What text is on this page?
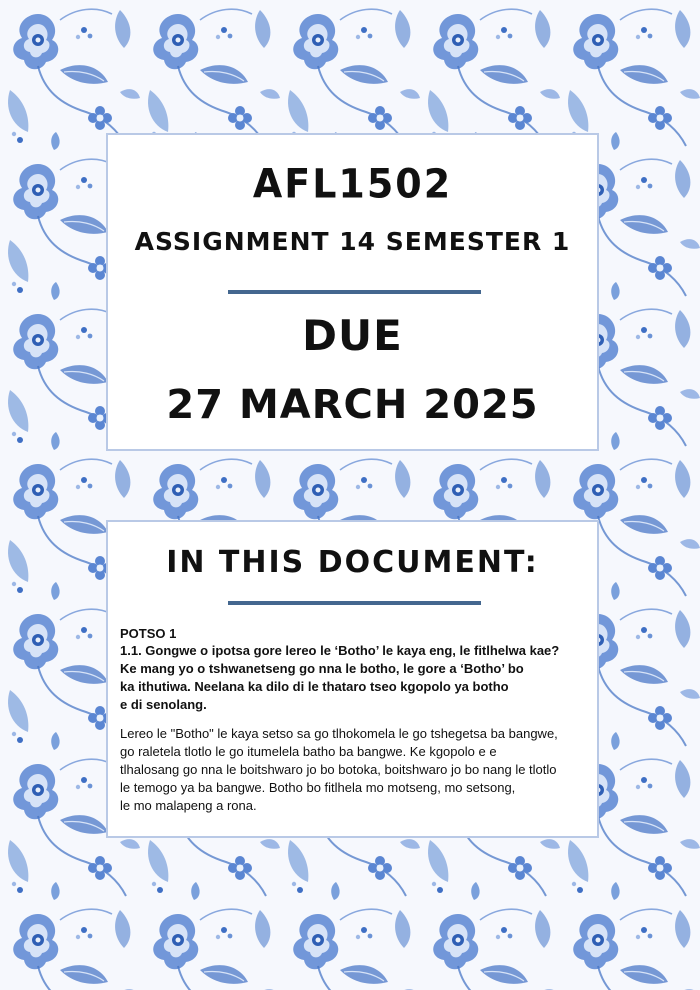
AFL1502
ASSIGNMENT 14 SEMESTER 1
DUE
27 MARCH 2025
IN THIS DOCUMENT:

POTSO 1

1.1. Gongwe o ipotsa gore lereo le ‘Botho’ le kaya eng, le fitlhelwa kae?
Ke mang yo o tshwanetseng go nna le botho, le gore a ‘Botho’ bo
ka ithutiwa. Neelana ka dilo di le thataro tseo kgopolo ya botho
e di senolang.

Lereo le "Botho" le kaya setso sa go tlhokomela le go tshegetsa ba bangwe,
go raletela tlotlo le go itumelela batho ba bangwe. Ke kgopolo e e
tlhalosang go nna le boitshwaro jo bo botoka, boitshwaro jo bo nang le tlotlo
le temogo ya ba bangwe. Botho bo fitlhela mo motseng, mo setsong,
le mo malapeng a rona.
